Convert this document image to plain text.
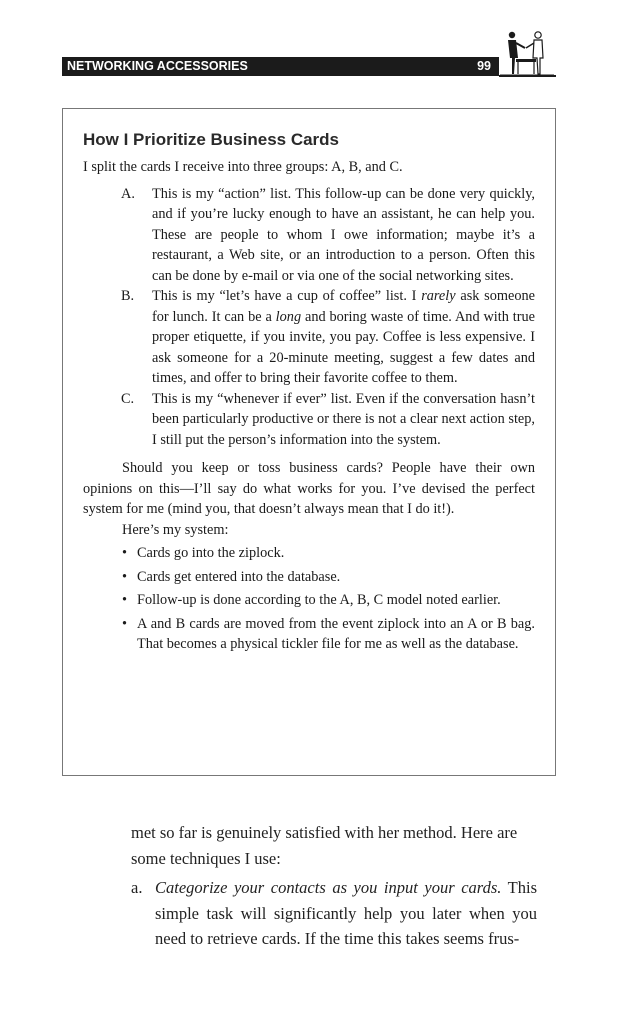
NETWORKING ACCESSORIES	99
How I Prioritize Business Cards

I split the cards I receive into three groups: A, B, and C.

A. This is my “action” list. This follow-up can be done very quickly, and if you’re lucky enough to have an assistant, he can help you. These are people to whom I owe information; maybe it’s a restaurant, a Web site, or an introduction to a person. Often this can be done by e-mail or via one of the social networking sites.
B. This is my “let’s have a cup of coffee” list. I rarely ask someone for lunch. It can be a long and boring waste of time. And with true proper etiquette, if you invite, you pay. Coffee is less expensive. I ask someone for a 20-minute meeting, suggest a few dates and times, and offer to bring their favorite coffee to them.
C. This is my “whenever if ever” list. Even if the conversation hasn’t been particularly productive or there is not a clear next action step, I still put the person’s information into the system.

Should you keep or toss business cards? People have their own opinions on this—I’ll say do what works for you. I’ve devised the perfect system for me (mind you, that doesn’t always mean that I do it!).

Here’s my system:

• Cards go into the ziplock.
• Cards get entered into the database.
• Follow-up is done according to the A, B, C model noted earlier.
• A and B cards are moved from the event ziplock into an A or B bag. That becomes a physical tickler file for me as well as the database.

met so far is genuinely satisfied with her method. Here are some techniques I use:

a. Categorize your contacts as you input your cards. This simple task will significantly help you later when you need to retrieve cards. If the time this takes seems frus-
